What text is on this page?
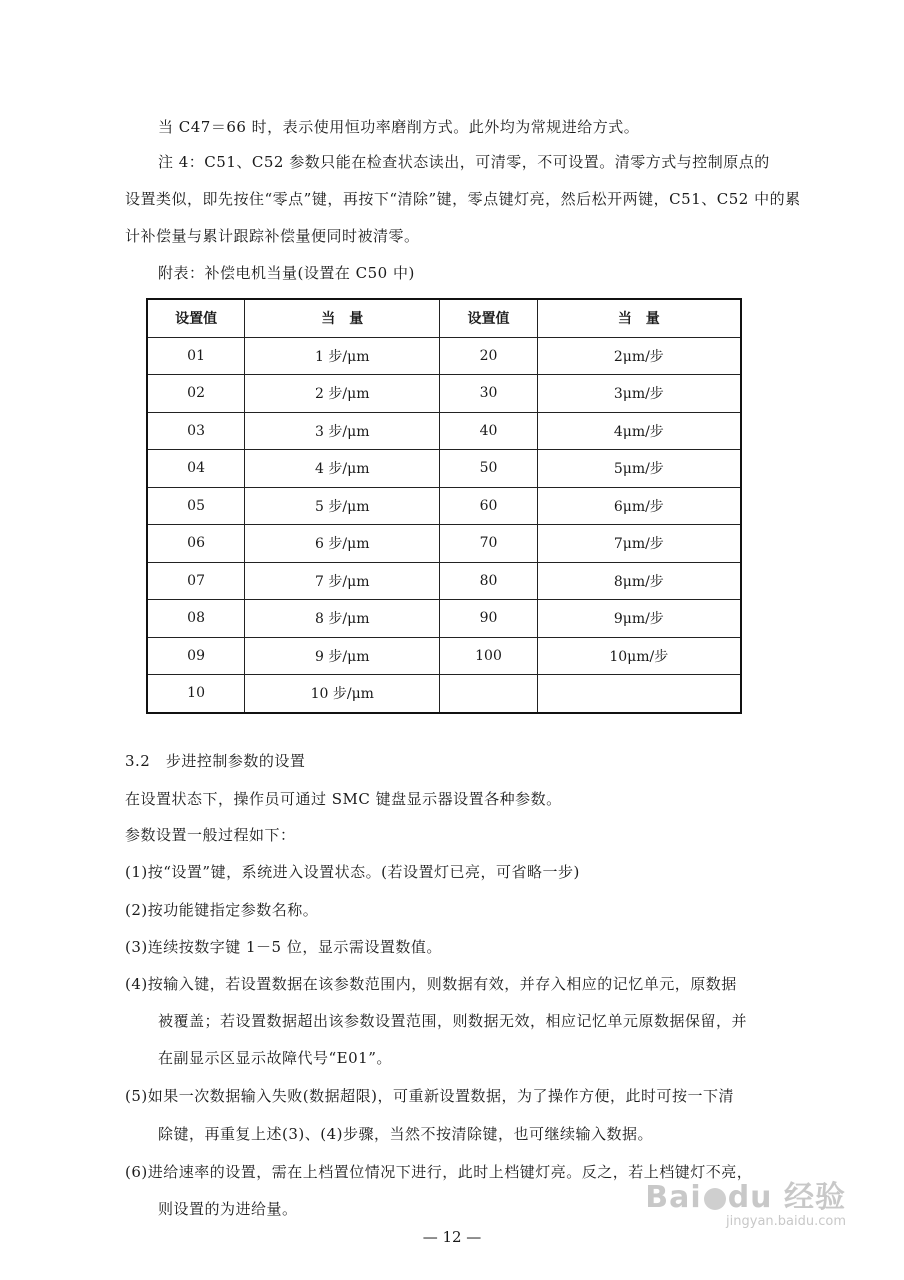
当 C47＝66 时，表示使用恒功率磨削方式。此外均为常规进给方式。
注 4：C51、C52 参数只能在检查状态读出，可清零，不可设置。清零方式与控制原点的
设置类似，即先按住“零点”键，再按下“清除”键，零点键灯亮，然后松开两键，C51、C52 中的累
计补偿量与累计跟踪补偿量便同时被清零。
附表：补偿电机当量(设置在 C50 中)
设置值	当　量	设置值	当　量
01	1 步/μm	20	2μm/步
02	2 步/μm	30	3μm/步
03	3 步/μm	40	4μm/步
04	4 步/μm	50	5μm/步
05	5 步/μm	60	6μm/步
06	6 步/μm	70	7μm/步
07	7 步/μm	80	8μm/步
08	8 步/μm	90	9μm/步
09	9 步/μm	100	10μm/步
10	10 步/μm		
3.2　步进控制参数的设置
在设置状态下，操作员可通过 SMC 键盘显示器设置各种参数。
参数设置一般过程如下：
(1)按“设置”键，系统进入设置状态。(若设置灯已亮，可省略一步)
(2)按功能键指定参数名称。
(3)连续按数字键 1－5 位，显示需设置数值。
(4)按输入键，若设置数据在该参数范围内，则数据有效，并存入相应的记忆单元，原数据
被覆盖；若设置数据超出该参数设置范围，则数据无效，相应记忆单元原数据保留，并
在副显示区显示故障代号“E01”。
(5)如果一次数据输入失败(数据超限)，可重新设置数据，为了操作方便，此时可按一下清
除键，再重复上述(3)、(4)步骤，当然不按清除键，也可继续输入数据。
(6)进给速率的设置，需在上档置位情况下进行，此时上档键灯亮。反之，若上档键灯不亮，
则设置的为进给量。
— 12 —
Bai du 经验
jingyan.baidu.com
